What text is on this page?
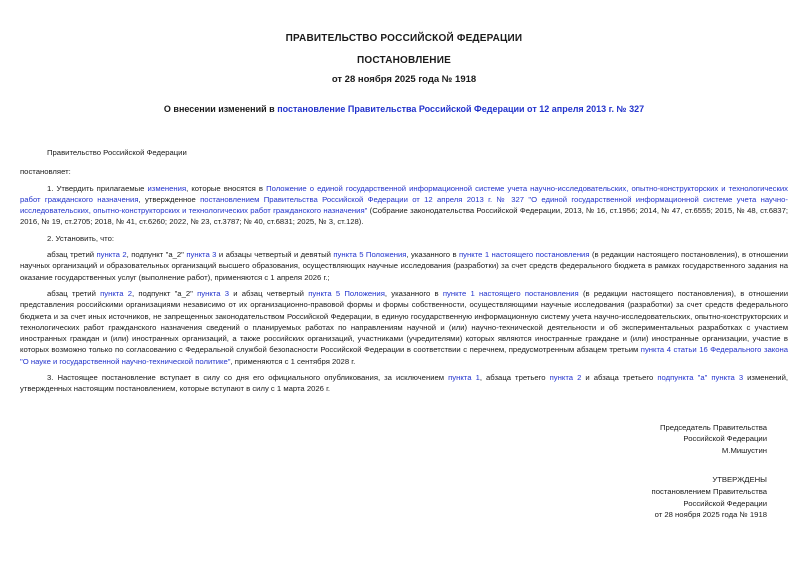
ПРАВИТЕЛЬСТВО РОССИЙСКОЙ ФЕДЕРАЦИИ
ПОСТАНОВЛЕНИЕ
от 28 ноября 2025 года № 1918
О внесении изменений в постановление Правительства Российской Федерации от 12 апреля 2013 г. № 327

Правительство Российской Федерации

постановляет:

1. Утвердить прилагаемые изменения, которые вносятся в Положение о единой государственной информационной системе учета научно-исследовательских, опытно-конструкторских и технологических работ гражданского назначения, утвержденное постановлением Правительства Российской Федерации от 12 апреля 2013 г. № 327 "О единой государственной информационной системе учета научно-исследовательских, опытно-конструкторских и технологических работ гражданского назначения" (Собрание законодательства Российской Федерации, 2013, № 16, ст.1956; 2014, № 47, ст.6555; 2015, № 48, ст.6837; 2016, № 19, ст.2705; 2018, № 41, ст.6260; 2022, № 23, ст.3787; № 40, ст.6831; 2025, № 3, ст.128).

2. Установить, что:

абзац третий пункта 2, подпункт "а_2" пункта 3 и абзацы четвертый и девятый пункта 5 Положения, указанного в пункте 1 настоящего постановления (в редакции настоящего постановления), в отношении научных организаций и образовательных организаций высшего образования, осуществляющих научные исследования (разработки) за счет средств федерального бюджета в рамках государственного задания на оказание государственных услуг (выполнение работ), применяются с 1 апреля 2026 г.;

абзац третий пункта 2, подпункт "а_2" пункта 3 и абзац четвертый пункта 5 Положения, указанного в пункте 1 настоящего постановления (в редакции настоящего постановления), в отношении представления российскими организациями независимо от их организационно-правовой формы и формы собственности, осуществляющими научные исследования (разработки) за счет средств федерального бюджета и за счет иных источников, не запрещенных законодательством Российской Федерации, в единую государственную информационную систему учета научно-исследовательских, опытно-конструкторских и технологических работ гражданского назначения сведений о планируемых работах по направлениям научной и (или) научно-технической деятельности и об экспериментальных разработках с участием иностранных граждан и (или) иностранных организаций, а также российских организаций, участниками (учредителями) которых являются иностранные граждане и (или) иностранные организации, участие в которых возможно только по согласованию с Федеральной службой безопасности Российской Федерации в соответствии с перечнем, предусмотренным абзацем третьим пункта 4 статьи 16 Федерального закона "О науке и государственной научно-технической политике", применяются с 1 сентября 2028 г.

3. Настоящее постановление вступает в силу со дня его официального опубликования, за исключением пункта 1, абзаца третьего пункта 2 и абзаца третьего подпункта "а" пункта 3 изменений, утвержденных настоящим постановлением, которые вступают в силу с 1 марта 2026 г.

Председатель Правительства
Российской Федерации
М.Мишустин
УТВЕРЖДЕНЫ
постановлением Правительства
Российской Федерации
от 28 ноября 2025 года № 1918
